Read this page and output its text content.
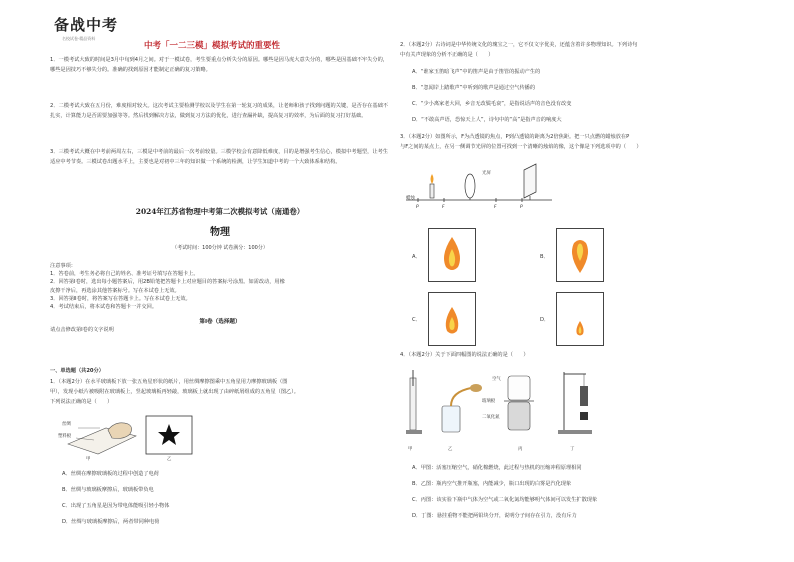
备战中考
名校试卷·精品资料
中考「一二三模」模拟考试的重要性
1．一模考试大致的时间是3月中旬到4月之间。对于一模试卷，考生要重点分析失分的原因。哪些是因马虎大意失分的，哪些是因基础不牢失分的，哪些是因技巧不够失分的。准确的找到原因才能制定正确的复习策略。
2．二模考试大致在五月份，难度相对较大。这次考试主要检测学校以及学生在第一轮复习的成果，让老师和孩子找到问题的关键，是否存在基础不扎实，计算能力是否需要加强等等。然后找到解决方法，做到复习方法的优化，进行查漏补缺，提高复习的效率，为后面的复习打好基础。
3．三模考试大概在中考前两周左右，三模是中考前的最后一次考前较量。三模学校会有意降低难度，目的是增强考生信心，模拟中考题型，让考生适应中考节奏。三模试卷出题水平上，主要也是对初中三年的知识做一个系统的检测，让学生知道中考的一个大致体系和结构。
2024年江苏省物理中考第二次模拟考试（南通卷）
物理
（考试时间：100分钟 试卷满分：100分）
注意事项：
1．答卷前，考生务必将自己的姓名、准考证号填写在答题卡上。
2．回答第Ⅰ卷时，选出每小题答案后，用2B铅笔把答题卡上对应题目的答案标号涂黑。如需改动，用橡
皮擦干净后，再选涂其他答案标号。写在本试卷上无效。
3．回答第Ⅱ卷时，将答案写在答题卡上。写在本试卷上无效。
4．考试结束后，将本试卷和答题卡一并交回。
第Ⅰ卷（选择题）
请点击修改第Ⅰ卷的文字说明
一、单选题（共20分）
1．（本题2分）在水平玻璃板下放一张五角星形状的纸片，用丝绸摩擦图乘中五角星用力摩擦玻璃板（图
甲），发现小纸片被吸附在玻璃板上，竖起玻璃板再轻敲，玻璃板上就出现了由碎纸屑组成的五角星（图乙）。
下列说法正确的是（　　）
丝绸
塑料板
甲	乙
A．丝绸在摩擦玻璃板的过程中创造了电荷
B．丝绸与玻璃板摩擦后，玻璃板带负电
C．出现了五角星是因为带电体能吸引轻小物体
D．丝绸与玻璃板摩擦后，两者带同种电荷
2．（本题2分）古诗词是中华传统文化的瑰宝之一，它不仅文字优美，还蕴含着许多物理知识。下列诗句
中有关声现象的分析不正确的是（　　）
A．“谁家玉笛暗飞声”中的笛声是由于笛管的振动产生的
B．“忽闻岸上踏歌声”中听到的歌声是通过空气传播的
C．“少小离家老大回，乡音无改鬓毛衰”，是指说话声的音色没有改变
D．“不敢高声语，恐惊天上人”，诗句中的“高”是指声音的响度大
3．（本题2分）如图所示，F为凸透镜的焦点，P到凸透镜的距离为2倍焦距。把一只点燃的蜡烛放在P
与F之间的某点上，在另一侧调节光屏的位置可找到一个清晰的烛焰的像，这个像是下列选项中的（　　）
蜡烛
光屏
P	F	F	P
A．	B．
C．	D．
4．（本题2分）关于下面四幅图的说法正确的是（　　）
空气
玻璃板
二氧化氮
甲	乙	丙	丁
A．甲图：活塞压缩空气，硝化棉燃烧，此过程与热机的压缩冲程原理相同
B．乙图：瓶内空气推开瓶塞，内能减少，瓶口出现的白雾是汽化现象
C．丙图：该实验下瓶中气体为空气或二氧化氮均能够明气体间可以发生扩散现象
D．丁图：悬挂重物不能把两铅块分开，说明分子间存在引力，没有斥力
